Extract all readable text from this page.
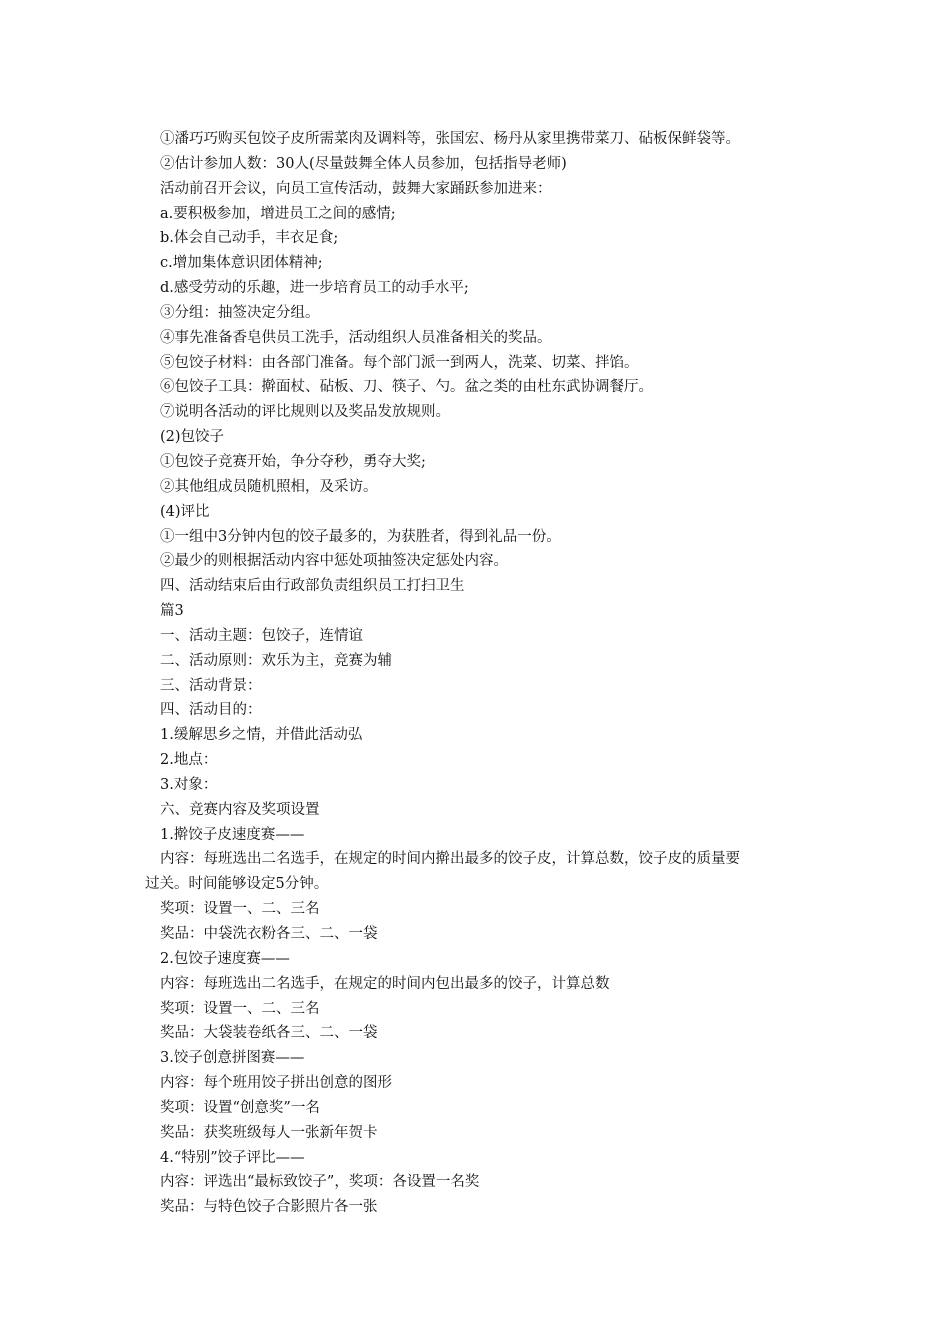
①潘巧巧购买包饺子皮所需菜肉及调料等，张国宏、杨丹从家里携带菜刀、砧板保鲜袋等。
②估计参加人数：30人(尽量鼓舞全体人员参加，包括指导老师)
活动前召开会议，向员工宣传活动，鼓舞大家踊跃参加进来：
a.要积极参加，增进员工之间的感情;
b.体会自己动手，丰衣足食;
c.增加集体意识团体精神;
d.感受劳动的乐趣，进一步培育员工的动手水平;
③分组：抽签决定分组。
④事先准备香皂供员工洗手，活动组织人员准备相关的奖品。
⑤包饺子材料：由各部门准备。每个部门派一到两人，洗菜、切菜、拌馅。
⑥包饺子工具：擀面杖、砧板、刀、筷子、勺。盆之类的由杜东武协调餐厅。
⑦说明各活动的评比规则以及奖品发放规则。
(2)包饺子
①包饺子竞赛开始，争分夺秒，勇夺大奖;
②其他组成员随机照相，及采访。
(4)评比
①一组中3分钟内包的饺子最多的，为获胜者，得到礼品一份。
②最少的则根据活动内容中惩处项抽签决定惩处内容。
四、活动结束后由行政部负责组织员工打扫卫生
篇3
一、活动主题：包饺子，连情谊
二、活动原则：欢乐为主，竞赛为辅
三、活动背景：
四、活动目的：
1.缓解思乡之情，并借此活动弘
2.地点：
3.对象：
六、竞赛内容及奖项设置
1.擀饺子皮速度赛——
内容：每班选出二名选手，在规定的时间内擀出最多的饺子皮，计算总数，饺子皮的质量要
过关。时间能够设定5分钟。
奖项：设置一、二、三名
奖品：中袋洗衣粉各三、二、一袋
2.包饺子速度赛——
内容：每班选出二名选手，在规定的时间内包出最多的饺子，计算总数
奖项：设置一、二、三名
奖品：大袋装卷纸各三、二、一袋
3.饺子创意拼图赛——
内容：每个班用饺子拼出创意的图形
奖项：设置“创意奖”一名
奖品：获奖班级每人一张新年贺卡
4.“特别”饺子评比——
内容：评选出“最标致饺子”，奖项：各设置一名奖
奖品：与特色饺子合影照片各一张
